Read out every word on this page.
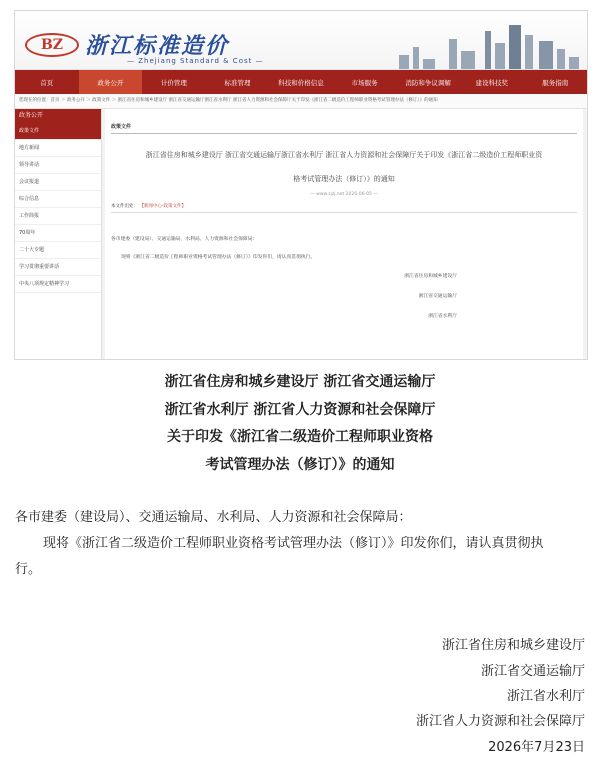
BZ 浙江标准造价
— Zhejiang Standard & Cost —
首页	政务公开	计价管理	标准管理	科技和价格信息	市场服务	消防和争议调解	建设科技奖	服务指南
您现在的位置：首页 ＞ 政务公开 ＞ 政策文件 ＞ 浙江省住房和城乡建设厅 浙江省交通运输厅浙江省水利厅 浙江省人力资源和社会保障厅关于印发《浙江省二级造价工程师职业资格考试管理办法（修订）》的通知
政务公开
政策文件
地方新闻
领导讲话
会议报道
综合信息
工作简报
70周年
二十大专题
学习贯彻重要讲话
中央八项规定精神学习
政策文件
浙江省住房和城乡建设厅 浙江省交通运输厅浙江省水利厅 浙江省人力资源和社会保障厅关于印发《浙江省二级造价工程师职业资
格考试管理办法（修订）》的通知
— www.zjzj.net 2026-06-05 —
本文件出处： 【新闻中心-政策文件】
各市建委（建设局）、交通运输局、水利局、人力资源和社会保障局：
现将《浙江省二级造价工程师职业资格考试管理办法（修订）》印发你们，请认真贯彻执行。
浙江省住房和城乡建设厅
浙江省交通运输厅
浙江省水利厅
浙江省住房和城乡建设厅 浙江省交通运输厅
浙江省水利厅 浙江省人力资源和社会保障厅
关于印发《浙江省二级造价工程师职业资格
考试管理办法（修订）》的通知
各市建委（建设局）、交通运输局、水利局、人力资源和社会保障局：
现将《浙江省二级造价工程师职业资格考试管理办法（修订）》印发你们，请认真贯彻执
行。
浙江省住房和城乡建设厅
浙江省交通运输厅
浙江省水利厅
浙江省人力资源和社会保障厅
2026年7月23日
